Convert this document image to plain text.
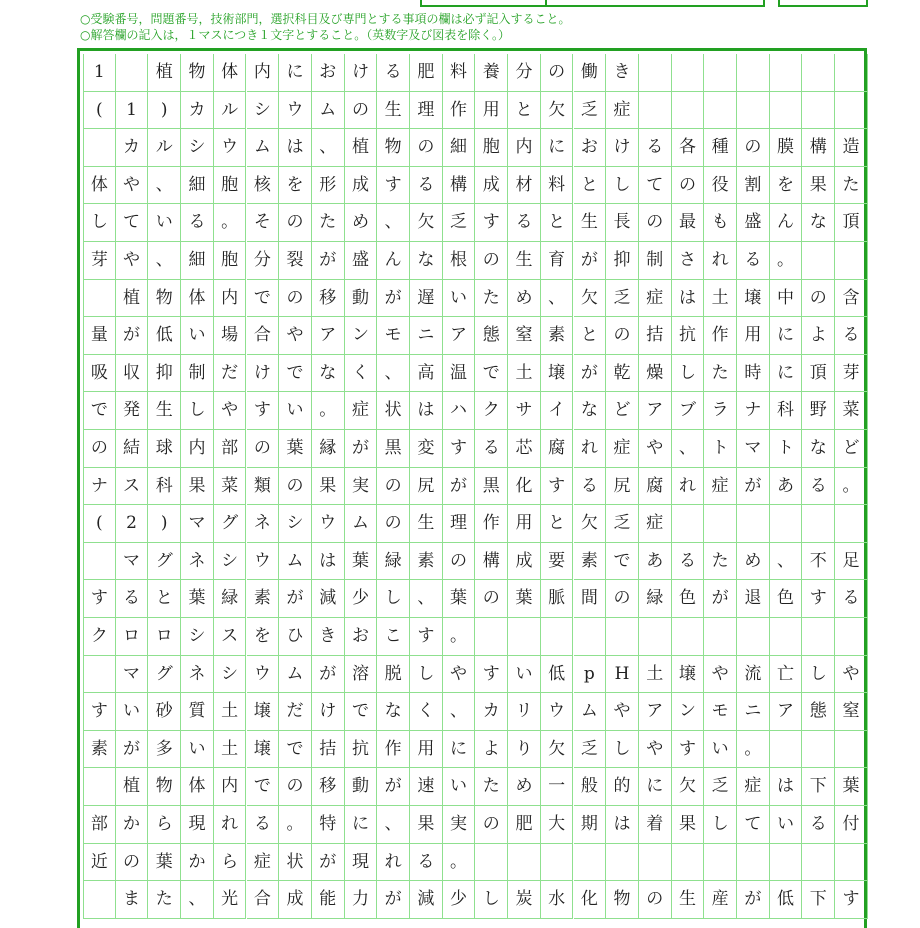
○受験番号，問題番号，技術部門，選択科目及び専門とする事項の欄は必ず記入すること。
○解答欄の記入は，１マスにつき１文字とすること。（英数字及び図表を除く。）
1	植 物 体 内 に お け る 肥 料 養 分 の 働 き
(	1	)	カ ル シ ウ ム の 生 理 作 用 と 欠 乏 症
カ ル シ ウ ム は 、 植 物 の 細 胞 内 に お け る 各 種 の 膜 構 造
体 や 、 細 胞 核 を 形 成 す る 構 成 材 料 と し て の 役 割 を 果 た
し て い る 。 そ の た め 、 欠 乏 す る と 生 長 の 最 も 盛 ん な 頂
芽 や 、 細 胞 分 裂 が 盛 ん な 根 の 生 育 が 抑 制 さ れ る 。
植 物 体 内 で の 移 動 が 遅 い た め 、 欠 乏 症 は 土 壌 中 の 含
量 が 低 い 場 合 や ア ン モ ニ ア 態 窒 素 と の 拮 抗 作 用 に よ る
吸 収 抑 制 だ け で な く 、 高 温 で 土 壌 が 乾 燥 し た 時 に 頂 芽
で 発 生 し や す い 。 症 状 は ハ ク サ イ な ど ア ブ ラ ナ 科 野 菜
の 結 球 内 部 の 葉 縁 が 黒 変 す る 芯 腐 れ 症 や 、 ト マ ト な ど
ナ ス 科 果 菜 類 の 果 実 の 尻 が 黒 化 す る 尻 腐 れ 症 が あ る 。
(	2	)	マ グ ネ シ ウ ム の 生 理 作 用 と 欠 乏 症
マ グ ネ シ ウ ム は 葉 緑 素 の 構 成 要 素 で あ る た め 、 不 足
す る と 葉 緑 素 が 減 少 し 、 葉 の 葉 脈 間 の 緑 色 が 退 色 す る
ク ロ ロ シ ス を ひ き お こ す 。
マ グ ネ シ ウ ム が 溶 脱 し や す い 低	p	H 土 壌 や 流 亡 し や
す い 砂 質 土 壌 だ け で な く 、 カ リ ウ ム や ア ン モ ニ ア 態 窒
素 が 多 い 土 壌 で 拮 抗 作 用 に よ り 欠 乏 し や す い 。
植 物 体 内 で の 移 動 が 速 い た め 一 般 的 に 欠 乏 症 は 下 葉
部 か ら 現 れ る 。 特 に 、 果 実 の 肥 大 期 は 着 果 し て い る 付
近 の 葉 か ら 症 状 が 現 れ る 。
ま た 、 光 合 成 能 力 が 減 少 し 炭 水 化 物 の 生 産 が 低 下 す
